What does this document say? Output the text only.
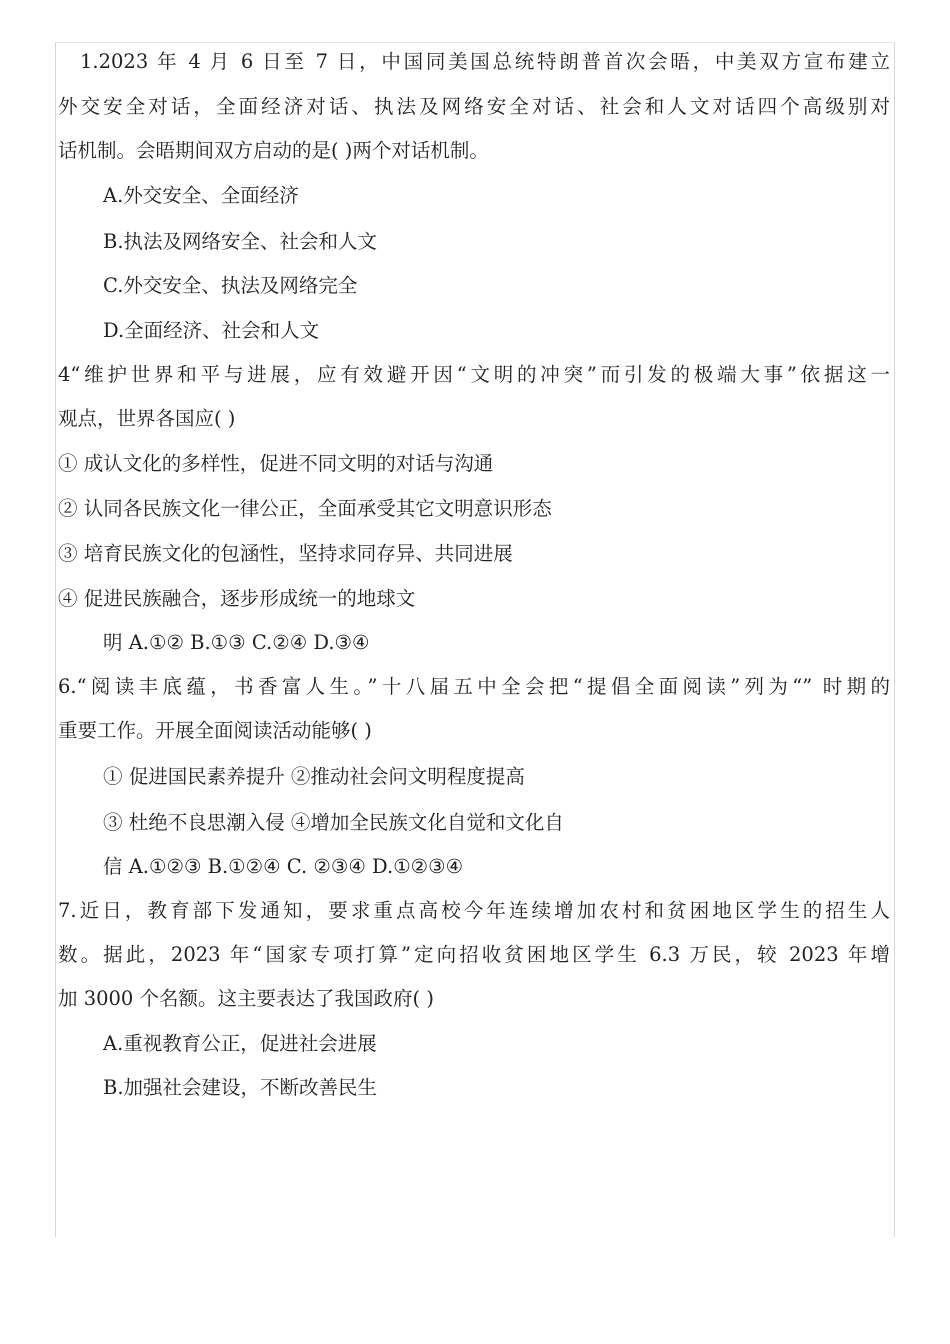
1.2023 年 4 月 6 日至 7 日，中国同美国总统特朗普首次会晤，中美双方宣布建立
外交安全对话，全面经济对话、执法及网络安全对话、社会和人文对话四个高级别对
话机制。会晤期间双方启动的是( )两个对话机制。
A.外交安全、全面经济
B.执法及网络安全、社会和人文
C.外交安全、执法及网络完全
D.全面经济、社会和人文
4“维护世界和平与进展，应有效避开因“文明的冲突”而引发的极端大事”依据这一
观点，世界各国应( )
① 成认文化的多样性，促进不同文明的对话与沟通
② 认同各民族文化一律公正，全面承受其它文明意识形态
③ 培育民族文化的包涵性，坚持求同存异、共同进展
④ 促进民族融合，逐步形成统一的地球文
明 A.①② B.①③ C.②④ D.③④
6.“阅读丰底蕴，书香富人生。”十八届五中全会把“提倡全面阅读”列为“” 时期的
重要工作。开展全面阅读活动能够( )
① 促进国民素养提升 ②推动社会问文明程度提高
③ 杜绝不良思潮入侵 ④增加全民族文化自觉和文化自
信 A.①②③ B.①②④ C. ②③④ D.①②③④
7.近日，教育部下发通知，要求重点高校今年连续增加农村和贫困地区学生的招生人
数。据此，2023 年“国家专项打算”定向招收贫困地区学生 6.3 万民，较 2023 年增
加 3000 个名额。这主要表达了我国政府( )
A.重视教育公正，促进社会进展
B.加强社会建设，不断改善民生
